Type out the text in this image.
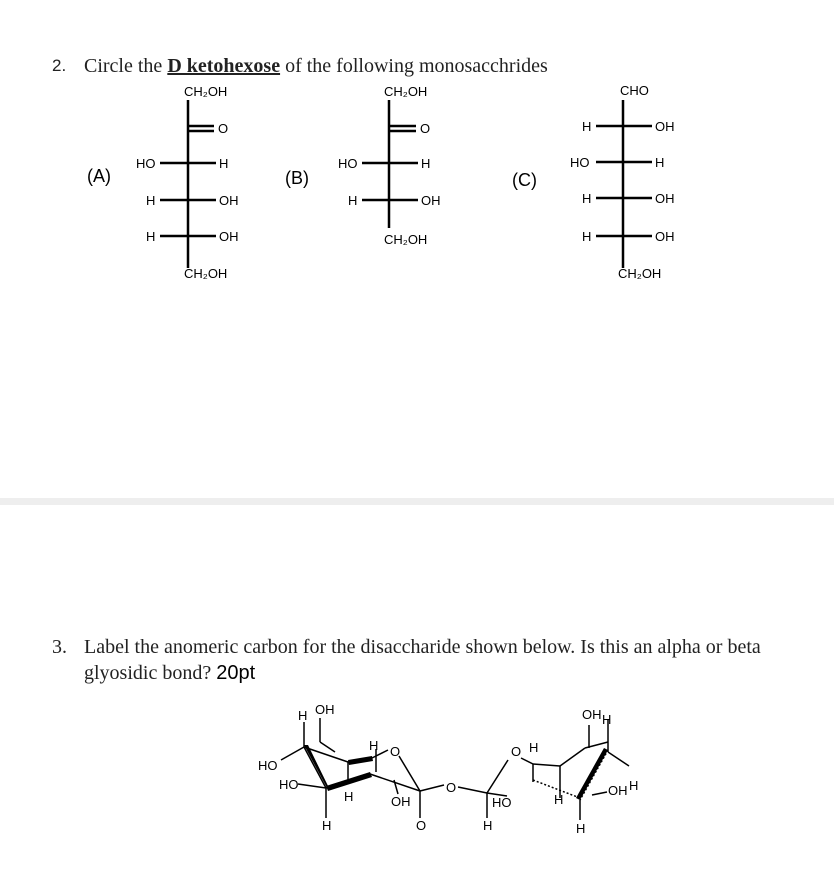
2. Circle the D ketohexose of the following monosacchrides
(A)
CH₂OH
O
HO	H
H	OH
H	OH
CH₂OH
(B)
CH₂OH
O
HO	H
H	OH
CH₂OH
(C)
CHO
H	OH
HO	H
H	OH
H	OH
CH₂OH
3. Label the anomeric carbon for the disaccharide shown below. Is this an alpha or beta
glyosidic bond? 20pt
H OH
H O
HO
HO
H	OH
H	O
O
H
H
HO	H
OH H
OH H
O
H
